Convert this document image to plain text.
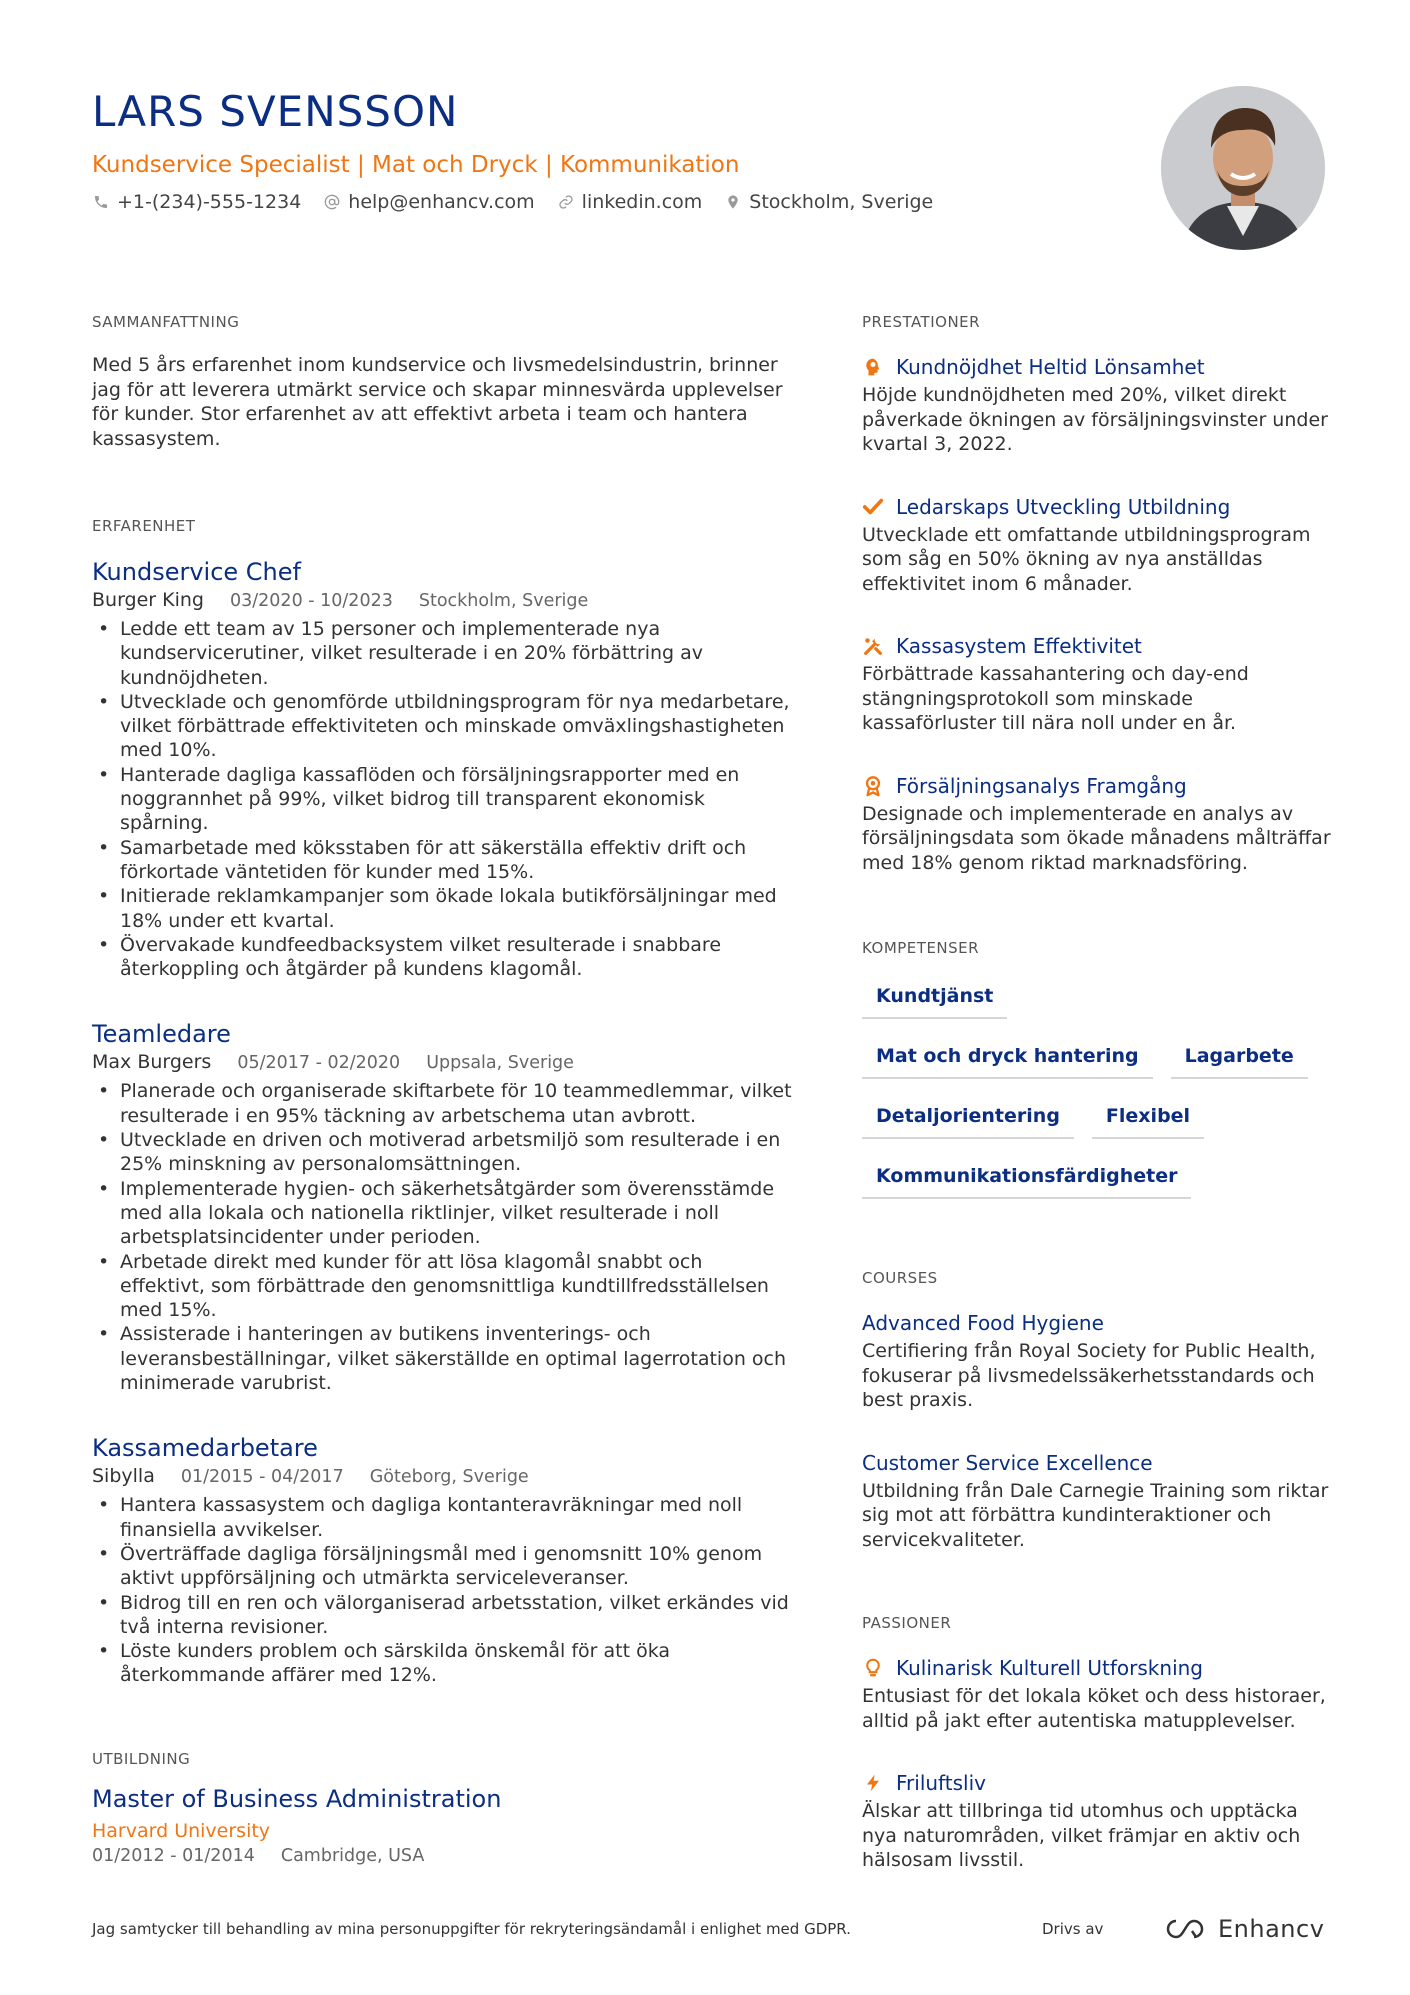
LARS SVENSSON
Kundservice Specialist | Mat och Dryck | Kommunikation
+1-(234)-555-1234 help@enhancv.com linkedin.com Stockholm, Sverige
SAMMANFATTNING

Med 5 års erfarenhet inom kundservice och livsmedelsindustrin, brinner jag för att leverera utmärkt service och skapar minnesvärda upplevelser för kunder. Stor erfarenhet av att effektivt arbeta i team och hantera kassasystem.

ERFARENHET
Kundservice Chef
Burger King 03/2020 - 10/2023 Stockholm, Sverige
• Ledde ett team av 15 personer och implementerade nya kundservicerutiner, vilket resulterade i en 20% förbättring av kundnöjdheten.
• Utvecklade och genomförde utbildningsprogram för nya medarbetare, vilket förbättrade effektiviteten och minskade omväxlingshastigheten med 10%.
• Hanterade dagliga kassaflöden och försäljningsrapporter med en noggrannhet på 99%, vilket bidrog till transparent ekonomisk spårning.
• Samarbetade med köksstaben för att säkerställa effektiv drift och förkortade väntetiden för kunder med 15%.
• Initierade reklamkampanjer som ökade lokala butikförsäljningar med 18% under ett kvartal.
• Övervakade kundfeedbacksystem vilket resulterade i snabbare återkoppling och åtgärder på kundens klagomål.
Teamledare
Max Burgers 05/2017 - 02/2020 Uppsala, Sverige
• Planerade och organiserade skiftarbete för 10 teammedlemmar, vilket resulterade i en 95% täckning av arbetschema utan avbrott.
• Utvecklade en driven och motiverad arbetsmiljö som resulterade i en 25% minskning av personalomsättningen.
• Implementerade hygien- och säkerhetsåtgärder som överensstämde med alla lokala och nationella riktlinjer, vilket resulterade i noll arbetsplatsincidenter under perioden.
• Arbetade direkt med kunder för att lösa klagomål snabbt och effektivt, som förbättrade den genomsnittliga kundtillfredsställelsen med 15%.
• Assisterade i hanteringen av butikens inventerings- och leveransbeställningar, vilket säkerställde en optimal lagerrotation och minimerade varubrist.
Kassamedarbetare
Sibylla 01/2015 - 04/2017 Göteborg, Sverige
• Hantera kassasystem och dagliga kontanteravräkningar med noll finansiella avvikelser.
• Överträffade dagliga försäljningsmål med i genomsnitt 10% genom aktivt uppförsäljning och utmärkta serviceleveranser.
• Bidrog till en ren och välorganiserad arbetsstation, vilket erkändes vid två interna revisioner.
• Löste kunders problem och särskilda önskemål för att öka återkommande affärer med 12%.
UTBILDNING
Master of Business Administration
Harvard University
01/2012 - 01/2014 Cambridge, USA
PRESTATIONER
Kundnöjdhet Heltid Lönsamhet

Höjde kundnöjdheten med 20%, vilket direkt påverkade ökningen av försäljningsvinster under kvartal 3, 2022.

Ledarskaps Utveckling Utbildning

Utvecklade ett omfattande utbildningsprogram som såg en 50% ökning av nya anställdas effektivitet inom 6 månader.

Kassasystem Effektivitet

Förbättrade kassahantering och day-end stängningsprotokoll som minskade kassaförluster till nära noll under en år.

Försäljningsanalys Framgång

Designade och implementerade en analys av försäljningsdata som ökade månadens målträffar med 18% genom riktad marknadsföring.

KOMPETENSER
Kundtjänst
Mat och dryck hantering	Lagarbete
Detaljorientering	Flexibel
Kommunikationsfärdigheter
COURSES
Advanced Food Hygiene

Certifiering från Royal Society for Public Health, fokuserar på livsmedelssäkerhetsstandards och best praxis.

Customer Service Excellence

Utbildning från Dale Carnegie Training som riktar sig mot att förbättra kundinteraktioner och servicekvaliteter.

PASSIONER
Kulinarisk Kulturell Utforskning

Entusiast för det lokala köket och dess historaer, alltid på jakt efter autentiska matupplevelser.

Friluftsliv

Älskar att tillbringa tid utomhus och upptäcka nya naturområden, vilket främjar en aktiv och hälsosam livsstil.

Jag samtycker till behandling av mina personuppgifter för rekryteringsändamål i enlighet med GDPR.	Drivs av	Enhancv
